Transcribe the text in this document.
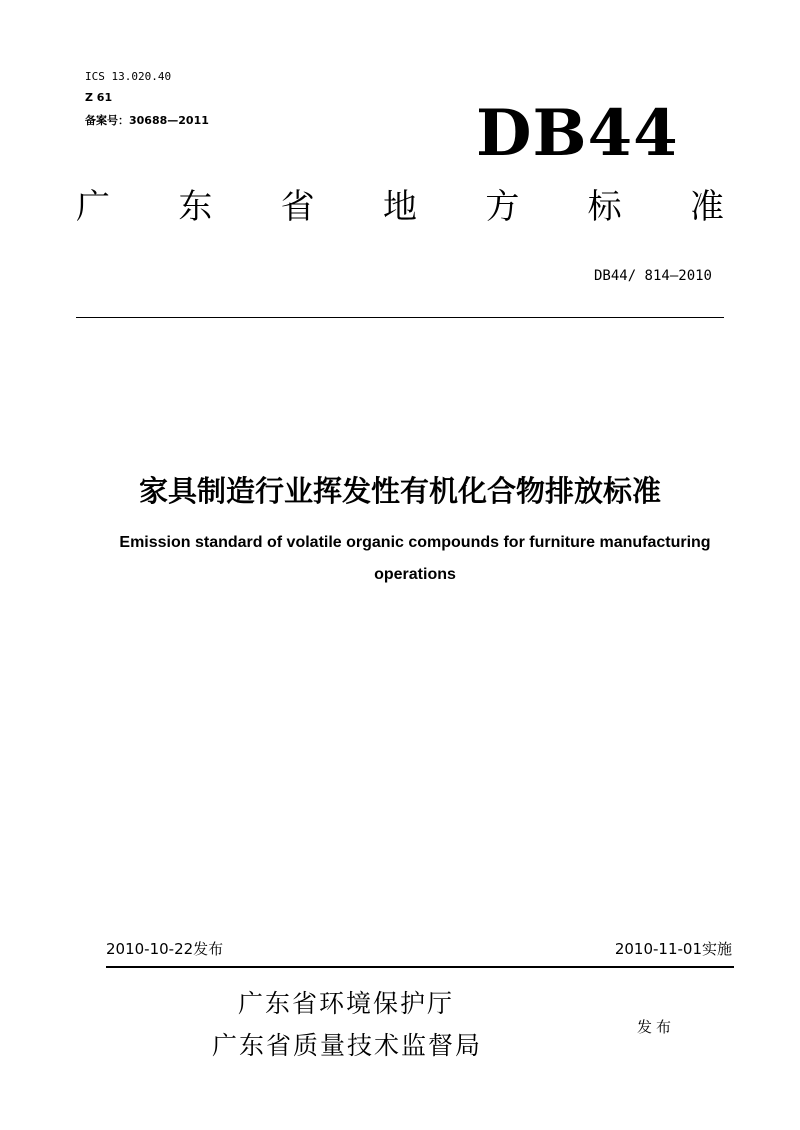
ICS 13.020.40
Z 61
备案号：30688—2011	DB44
广 东 省 地 方 标 准
DB44/ 814—2010
家具制造行业挥发性有机化合物排放标准
Emission standard of volatile organic compounds for furniture manufacturing operations
2010-10-22发布	2010-11-01实施
广东省环境保护厅
广东省质量技术监督局
发布
